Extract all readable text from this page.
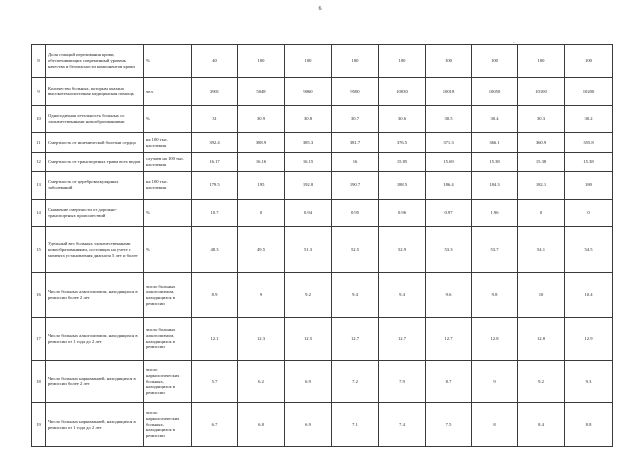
6
-
8	Доля станций переливания крови, обеспечивающих современный уровень качества и безопасности компонентов крови	%	40	100	100	100	100	100	100	100	100
9	Количество больных, которым оказана высокотехнологичная медицинская помощь	чел.	3901	5048	9060	9500	10030	10018	10050	10100	10200
10	Одногодичная летальность больных со злокачественными новообразованиями	%	31	30.9	30.8	30.7	30.6	30.5	30.4	30.3	30.2
11	Смертность от ишемической болезни сердца	на 100 тыс. населения	392.4	388.9	385.3	381.7	376.5	371.3	366.1	360.9	355.8
12	Смертность от транспортных травм всех видов	случаев на 100 тыс. населения	16.17	16.16	16.15	16	15.85	15.69	15.38	15.38	15.38
13	Смертность от цереброваскулярных заболеваний	на 100 тыс. населения	179.5	195	192.8	190.7	188.5	186.4	184.3	182.1	180
14	Снижение смертности от дорожно-транспортных происшествий	%	10.7	0	0.94	0.95	0.96	0.97	1.96	0	0
15	Удельный вес больных злокачественными новообразованиями, состоящих на учете с момента установления диагноза 5 лет и более	%	48.3	49.5	51.3	52.5	52.9	53.3	53.7	54.1	54.5
16	Число больных алкоголизмом, находящихся в ремиссии более 2 лет	число больных алкоголизмом, находящихся в ремиссии	8.9	9	9.2	9.4	9.4	9.6	9.8	10	10.4
17	Число больных алкоголизмом, находящихся в ремиссии от 1 года до 2 лет	число больных алкоголизмом, находящихся в ремиссии	12.1	12.3	12.5	12.7	12.7	12.7	12.8	12.8	12.9
18	Число больных наркоманией, находящихся в ремиссии более 2 лет	число наркологических больных, находящихся в ремиссии	5.7	6.2	6.9	7.2	7.9	8.7	9	9.2	9.3
19	Число больных наркоманией, находящихся в ремиссии от 1 года до 2 лет	число наркологических больных, находящихся в ремиссии	6.7	6.8	6.9	7.1	7.4	7.5	8	8.4	8.8
